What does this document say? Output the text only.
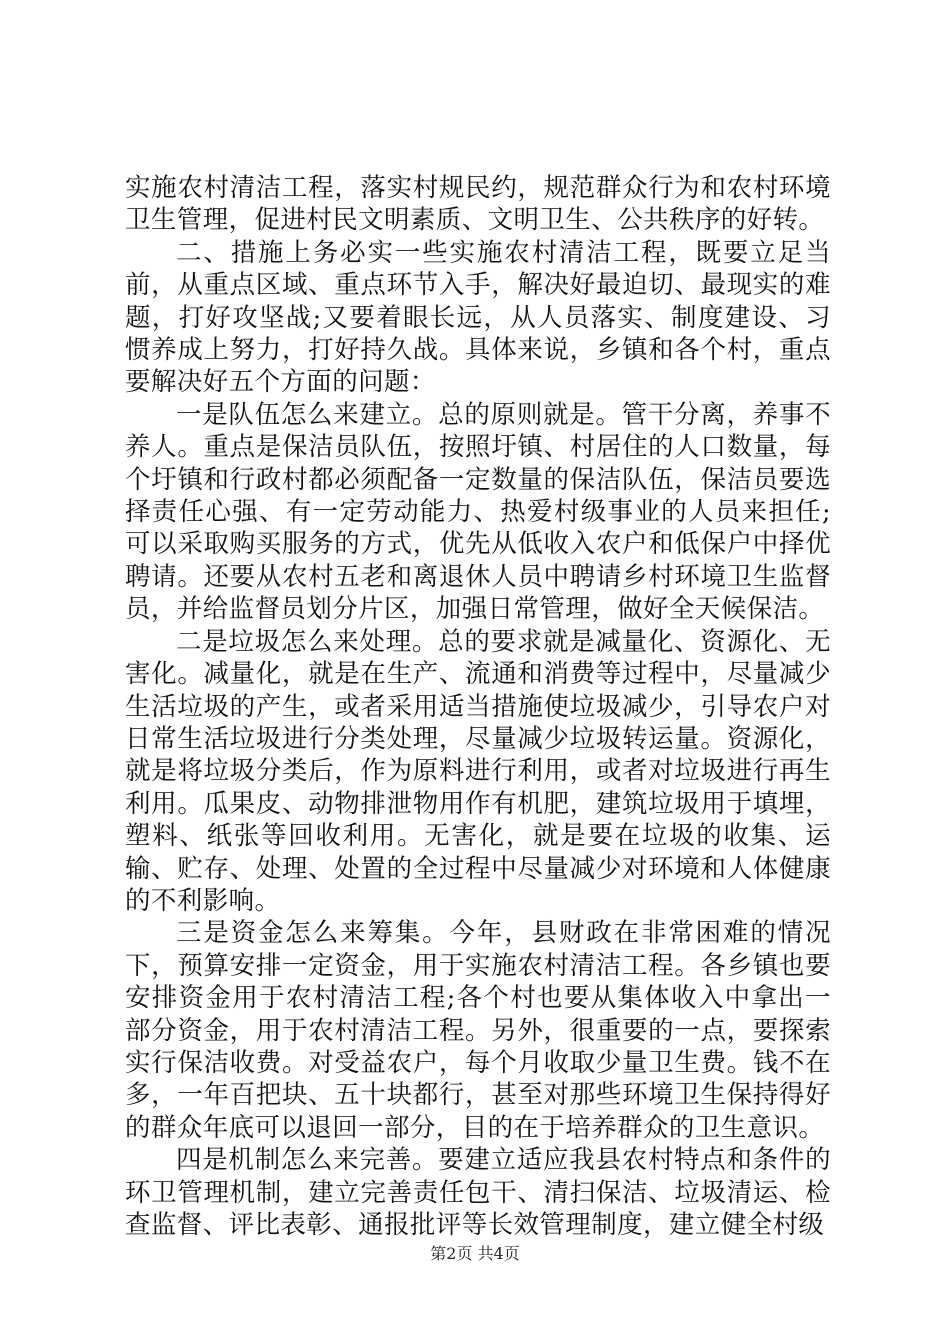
实施农村清洁工程，落实村规民约，规范群众行为和农村环境卫生管理，促进村民文明素质、文明卫生、公共秩序的好转。

二、措施上务必实一些实施农村清洁工程，既要立足当前，从重点区域、重点环节入手，解决好最迫切、最现实的难题，打好攻坚战;又要着眼长远，从人员落实、制度建设、习惯养成上努力，打好持久战。具体来说，乡镇和各个村，重点要解决好五个方面的问题：

一是队伍怎么来建立。总的原则就是。管干分离，养事不养人。重点是保洁员队伍，按照圩镇、村居住的人口数量，每个圩镇和行政村都必须配备一定数量的保洁队伍，保洁员要选择责任心强、有一定劳动能力、热爱村级事业的人员来担任;可以采取购买服务的方式，优先从低收入农户和低保户中择优聘请。还要从农村五老和离退休人员中聘请乡村环境卫生监督员，并给监督员划分片区，加强日常管理，做好全天候保洁。

二是垃圾怎么来处理。总的要求就是减量化、资源化、无害化。减量化，就是在生产、流通和消费等过程中，尽量减少生活垃圾的产生，或者采用适当措施使垃圾减少，引导农户对日常生活垃圾进行分类处理，尽量减少垃圾转运量。资源化，就是将垃圾分类后，作为原料进行利用，或者对垃圾进行再生利用。瓜果皮、动物排泄物用作有机肥，建筑垃圾用于填埋，塑料、纸张等回收利用。无害化，就是要在垃圾的收集、运输、贮存、处理、处置的全过程中尽量减少对环境和人体健康的不利影响。

三是资金怎么来筹集。今年，县财政在非常困难的情况下，预算安排一定资金，用于实施农村清洁工程。各乡镇也要安排资金用于农村清洁工程;各个村也要从集体收入中拿出一部分资金，用于农村清洁工程。另外，很重要的一点，要探索实行保洁收费。对受益农户，每个月收取少量卫生费。钱不在多，一年百把块、五十块都行，甚至对那些环境卫生保持得好的群众年底可以退回一部分，目的在于培养群众的卫生意识。

四是机制怎么来完善。要建立适应我县农村特点和条件的环卫管理机制，建立完善责任包干、清扫保洁、垃圾清运、检查监督、评比表彰、通报批评等长效管理制度，建立健全村级

第2页 共4页
